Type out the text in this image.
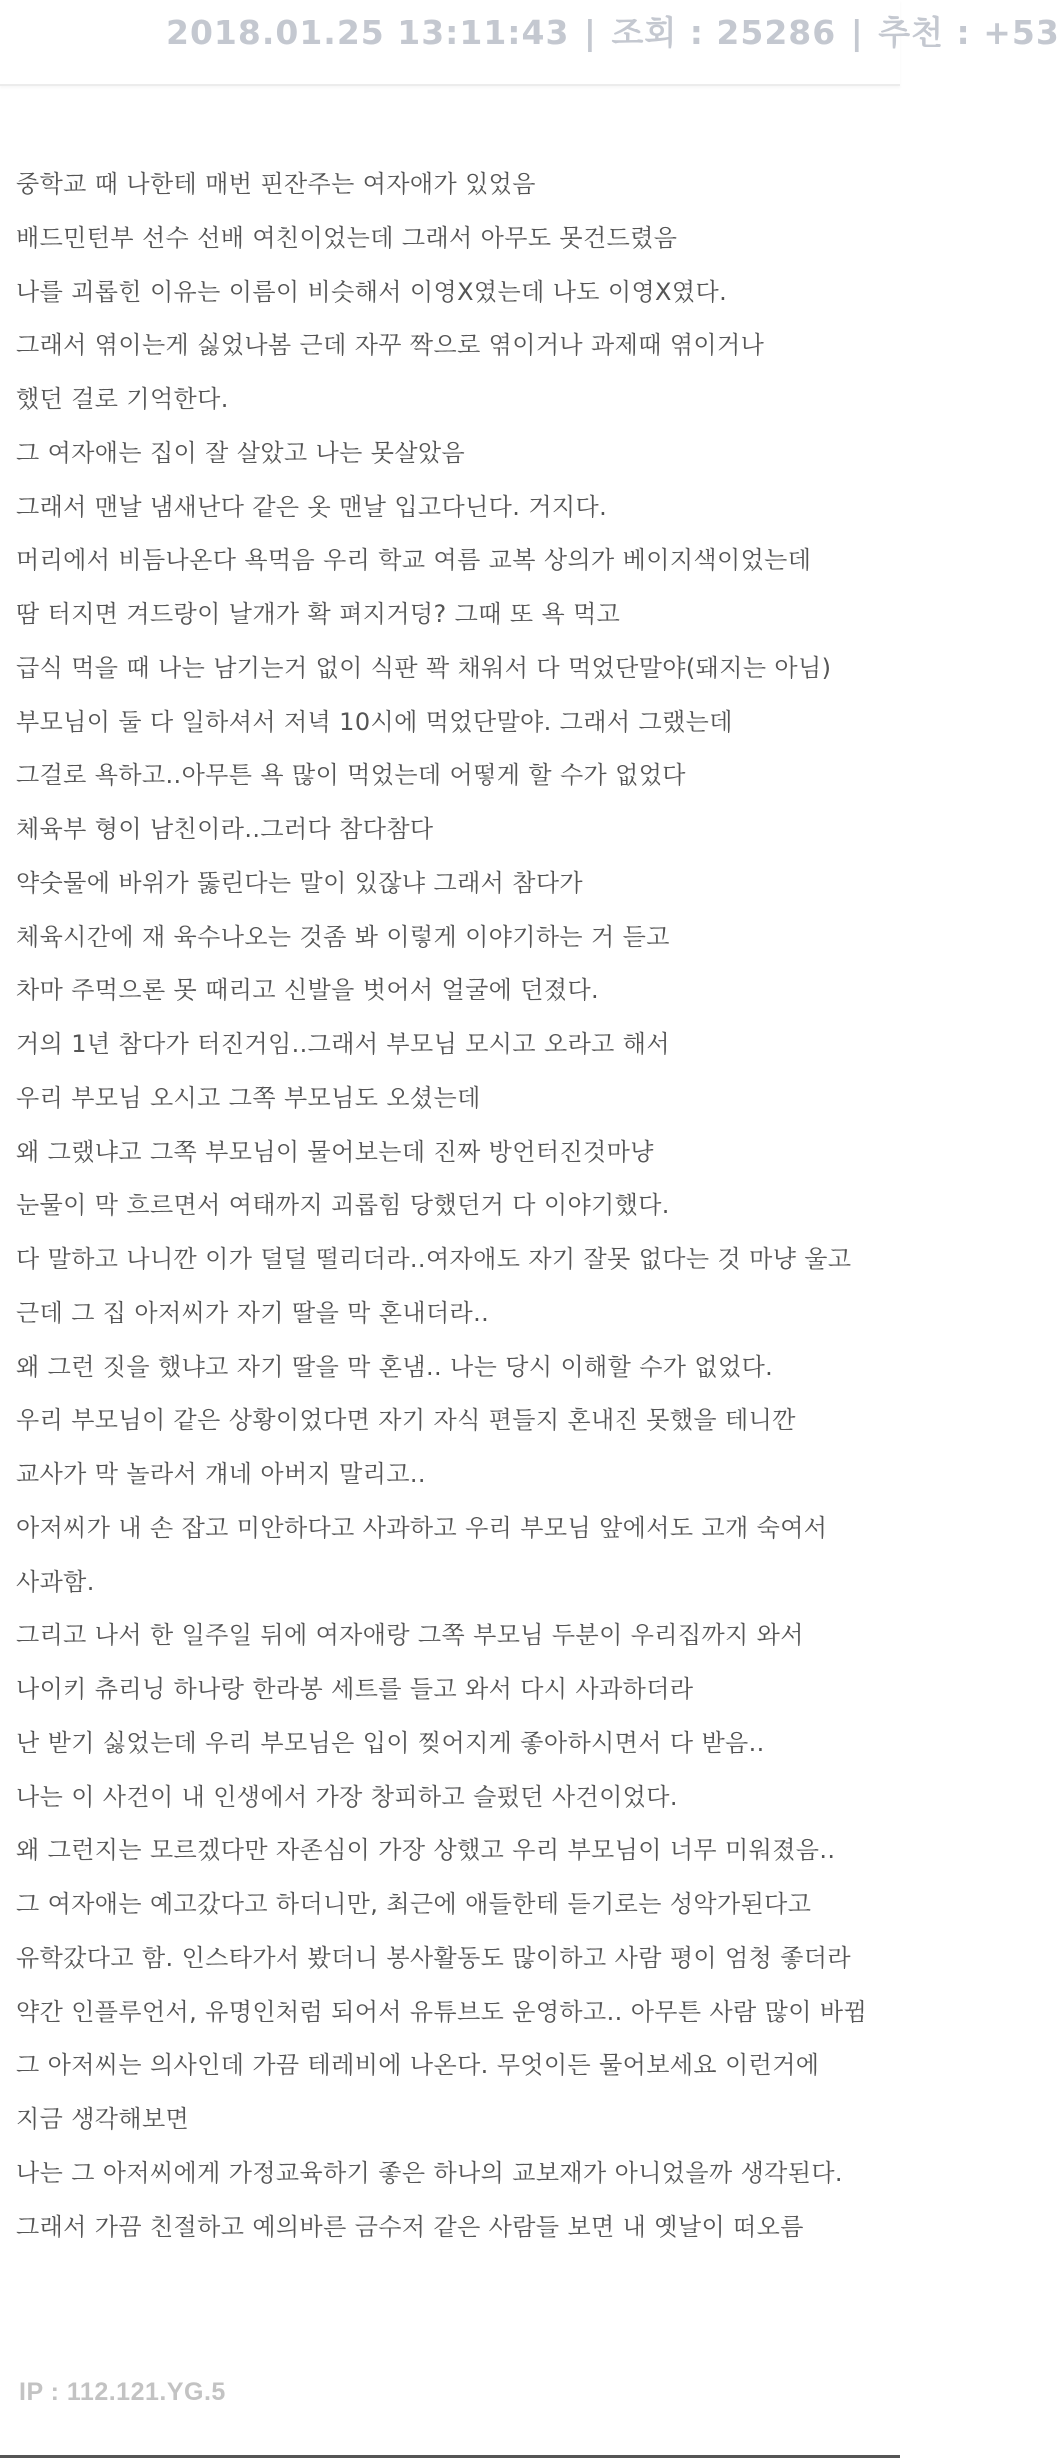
2018.01.25 13:11:43 | 조회 : 25286 | 추천 : +53
중학교 때 나한테 매번 핀잔주는 여자애가 있었음
배드민턴부 선수 선배 여친이었는데 그래서 아무도 못건드렸음
나를 괴롭힌 이유는 이름이 비슷해서 이영X였는데 나도 이영X였다.
그래서 엮이는게 싫었나봄 근데 자꾸 짝으로 엮이거나 과제때 엮이거나
했던 걸로 기억한다.
그 여자애는 집이 잘 살았고 나는 못살았음
그래서 맨날 냄새난다 같은 옷 맨날 입고다닌다. 거지다.
머리에서 비듬나온다 욕먹음 우리 학교 여름 교복 상의가 베이지색이었는데
땀 터지면 겨드랑이 날개가 확 펴지거덩? 그때 또 욕 먹고
급식 먹을 때 나는 남기는거 없이 식판 꽉 채워서 다 먹었단말야(돼지는 아님)
부모님이 둘 다 일하셔서 저녁 10시에 먹었단말야. 그래서 그랬는데
그걸로 욕하고..아무튼 욕 많이 먹었는데 어떻게 할 수가 없었다
체육부 형이 남친이라..그러다 참다참다
약숫물에 바위가 뚫린다는 말이 있잖냐 그래서 참다가
체육시간에 재 육수나오는 것좀 봐 이렇게 이야기하는 거 듣고
차마 주먹으론 못 때리고 신발을 벗어서 얼굴에 던졌다.
거의 1년 참다가 터진거임..그래서 부모님 모시고 오라고 해서
우리 부모님 오시고 그쪽 부모님도 오셨는데
왜 그랬냐고 그쪽 부모님이 물어보는데 진짜 방언터진것마냥
눈물이 막 흐르면서 여태까지 괴롭힘 당했던거 다 이야기했다.
다 말하고 나니깐 이가 덜덜 떨리더라..여자애도 자기 잘못 없다는 것 마냥 울고
근데 그 집 아저씨가 자기 딸을 막 혼내더라..
왜 그런 짓을 했냐고 자기 딸을 막 혼냄.. 나는 당시 이해할 수가 없었다.
우리 부모님이 같은 상황이었다면 자기 자식 편들지 혼내진 못했을 테니깐
교사가 막 놀라서 걔네 아버지 말리고..
아저씨가 내 손 잡고 미안하다고 사과하고 우리 부모님 앞에서도 고개 숙여서
사과함.
그리고 나서 한 일주일 뒤에 여자애랑 그쪽 부모님 두분이 우리집까지 와서
나이키 츄리닝 하나랑 한라봉 세트를 들고 와서 다시 사과하더라
난 받기 싫었는데 우리 부모님은 입이 찢어지게 좋아하시면서 다 받음..
나는 이 사건이 내 인생에서 가장 창피하고 슬펐던 사건이었다.
왜 그런지는 모르겠다만 자존심이 가장 상했고 우리 부모님이 너무 미워졌음..
그 여자애는 예고갔다고 하더니만, 최근에 애들한테 듣기로는 성악가된다고
유학갔다고 함. 인스타가서 봤더니 봉사활동도 많이하고 사람 평이 엄청 좋더라
약간 인플루언서, 유명인처럼 되어서 유튜브도 운영하고.. 아무튼 사람 많이 바뀜
그 아저씨는 의사인데 가끔 테레비에 나온다. 무엇이든 물어보세요 이런거에
지금 생각해보면
나는 그 아저씨에게 가정교육하기 좋은 하나의 교보재가 아니었을까 생각된다.
그래서 가끔 친절하고 예의바른 금수저 같은 사람들 보면 내 옛날이 떠오름
IP : 112.121.YG.5
